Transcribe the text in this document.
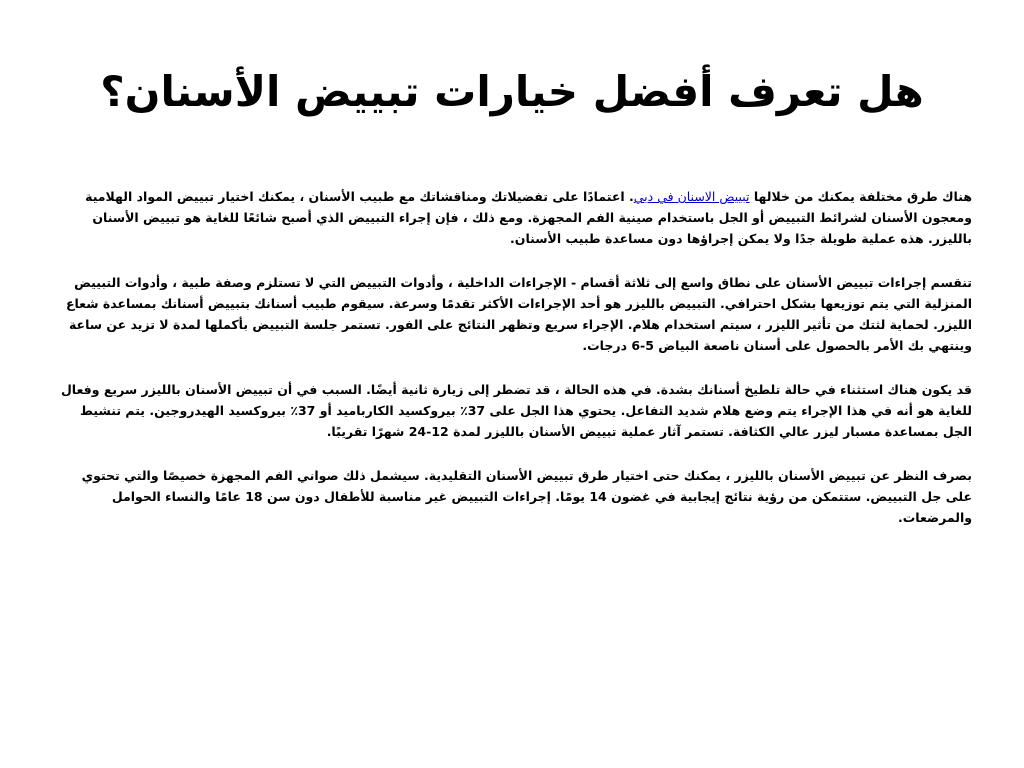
هل تعرف أفضل خيارات تبييض الأسنان؟

هناك طرق مختلفة يمكنك من خلالها تبييض الاسنان في دبي. اعتمادًا على تفضيلاتك ومناقشاتك مع طبيب الأسنان ، يمكنك اختيار تبييض المواد الهلامية ومعجون الأسنان لشرائط التبييض أو الجل باستخدام صينية الفم المجهزة. ومع ذلك ، فإن إجراء التبييض الذي أصبح شائعًا للغاية هو تبييض الأسنان بالليزر. هذه عملية طويلة جدًا ولا يمكن إجراؤها دون مساعدة طبيب الأسنان.

تنقسم إجراءات تبييض الأسنان على نطاق واسع إلى ثلاثة أقسام - الإجراءات الداخلية ، وأدوات التبييض التي لا تستلزم وصفة طبية ، وأدوات التبييض المنزلية التي يتم توزيعها بشكل احترافي. التبييض بالليزر هو أحد الإجراءات الأكثر تقدمًا وسرعة. سيقوم طبيب أسنانك بتبييض أسنانك بمساعدة شعاع الليزر. لحماية لثتك من تأثير الليزر ، سيتم استخدام هلام. الإجراء سريع وتظهر النتائج على الفور. تستمر جلسة التبييض بأكملها لمدة لا تزيد عن ساعة وينتهي بك الأمر بالحصول على أسنان ناصعة البياض 5-6 درجات.

قد يكون هناك استثناء في حالة تلطيخ أسنانك بشدة. في هذه الحالة ، قد تضطر إلى زيارة ثانية أيضًا. السبب في أن تبييض الأسنان بالليزر سريع وفعال للغاية هو أنه في هذا الإجراء يتم وضع هلام شديد التفاعل. يحتوي هذا الجل على 37٪ بيروكسيد الكارباميد أو 37٪ بيروكسيد الهيدروجين. يتم تنشيط الجل بمساعدة مسبار ليزر عالي الكثافة. تستمر آثار عملية تبييض الأسنان بالليزر لمدة 12-24 شهرًا تقريبًا.

بصرف النظر عن تبييض الأسنان بالليزر ، يمكنك حتى اختيار طرق تبييض الأسنان التقليدية. سيشمل ذلك صواني الفم المجهزة خصيصًا والتي تحتوي على جل التبييض. ستتمكن من رؤية نتائج إيجابية في غضون 14 يومًا. إجراءات التبييض غير مناسبة للأطفال دون سن 18 عامًا والنساء الحوامل والمرضعات.
